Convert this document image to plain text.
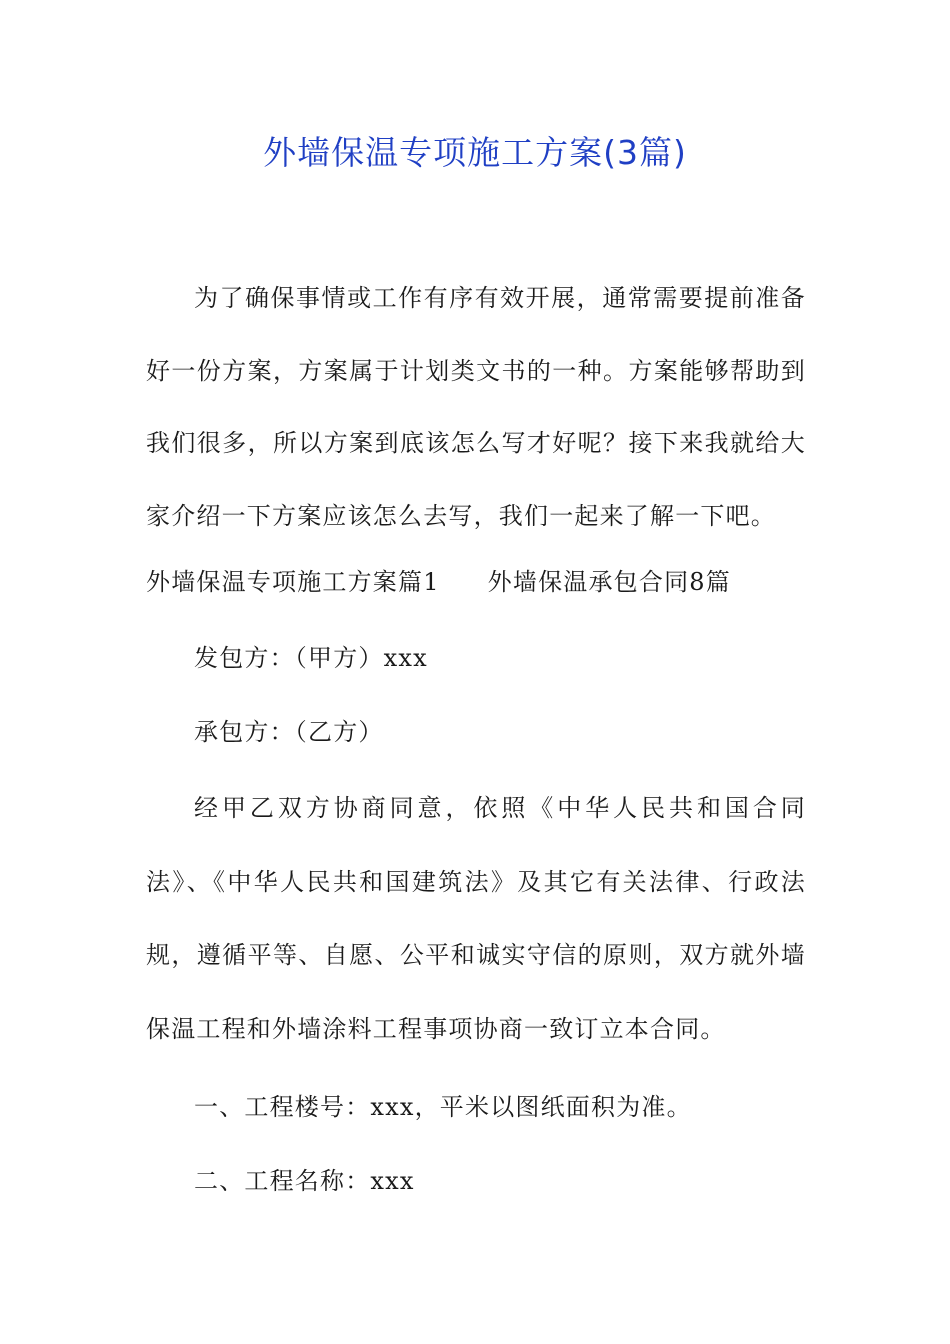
外墙保温专项施工方案(3篇)

为了确保事情或工作有序有效开展，通常需要提前准备好一份方案，方案属于计划类文书的一种。方案能够帮助到我们很多，所以方案到底该怎么写才好呢？接下来我就给大家介绍一下方案应该怎么去写，我们一起来了解一下吧。

外墙保温专项施工方案篇1 外墙保温承包合同8篇
发包方：（甲方）xxx
承包方：（乙方）

经甲乙双方协商同意，依照《中华人民共和国合同法》、《中华人民共和国建筑法》及其它有关法律、行政法规，遵循平等、自愿、公平和诚实守信的原则，双方就外墙保温工程和外墙涂料工程事项协商一致订立本合同。

一、工程楼号：xxx，平米以图纸面积为准。
二、工程名称：xxx
